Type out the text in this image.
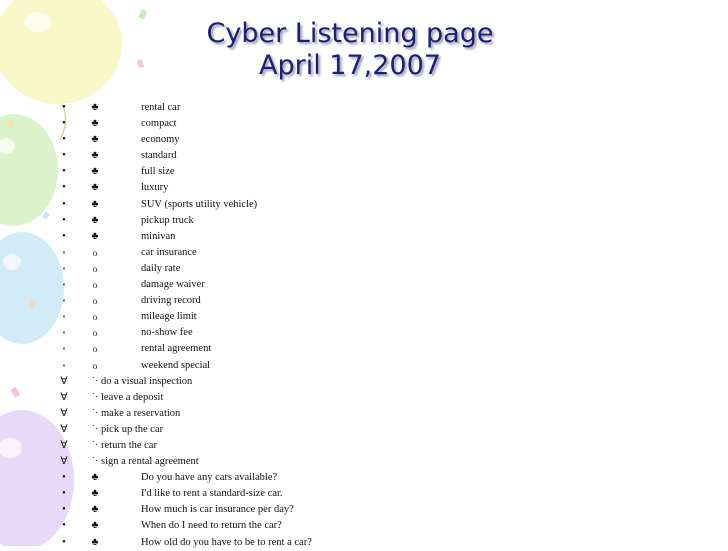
Cyber Listening page
April 17,2007
•	♣	rental car
•	♣	compact
•	♣	economy
•	♣	standard
•	♣	full size
•	♣	luxury
•	♣	SUV (sports utility vehicle)
•	♣	pickup truck
•	♣	minivan
•	o	car insurance
•	o	daily rate
•	o	damage waiver
•	o	driving record
•	o	mileage limit
•	o	no-show fee
•	o	rental agreement
•	o	weekend special
∀	˙· do a visual inspection
∀	˙· leave a deposit
∀	˙· make a reservation
∀	˙· pick up the car
∀	˙· return the car
∀	˙· sign a rental agreement
•	♣	Do you have any cars available?
•	♣	I'd like to rent a standard-size car.
•	♣	How much is car insurance per day?
•	♣	When do I need to return the car?
•	♣	How old do you have to be to rent a car?
